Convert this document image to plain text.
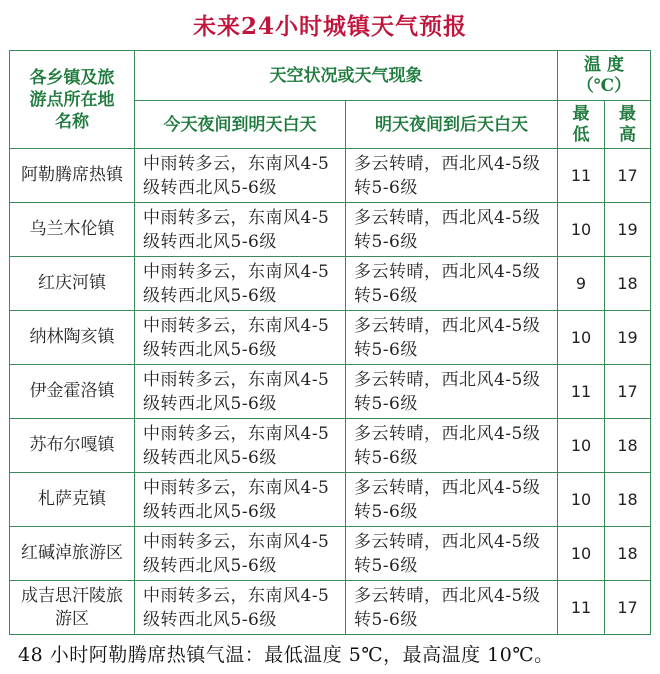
未来24小时城镇天气预报
各乡镇及旅游点所在地名称	天空状况或天气现象		温 度（℃）	

	今天夜间到明天白天	明天夜间到后天白天	最低	最高

阿勒腾席热镇	中雨转多云，东南风4-5级转西北风5-6级	多云转晴，西北风4-5级转5-6级	11	17

乌兰木伦镇	中雨转多云，东南风4-5级转西北风5-6级	多云转晴，西北风4-5级转5-6级	10	19

红庆河镇	中雨转多云，东南风4-5级转西北风5-6级	多云转晴，西北风4-5级转5-6级	9	18

纳林陶亥镇	中雨转多云，东南风4-5级转西北风5-6级	多云转晴，西北风4-5级转5-6级	10	19

伊金霍洛镇	中雨转多云，东南风4-5级转西北风5-6级	多云转晴，西北风4-5级转5-6级	11	17

苏布尔嘎镇	中雨转多云，东南风4-5级转西北风5-6级	多云转晴，西北风4-5级转5-6级	10	18

札萨克镇	中雨转多云，东南风4-5级转西北风5-6级	多云转晴，西北风4-5级转5-6级	10	18

红碱淖旅游区	中雨转多云，东南风4-5级转西北风5-6级	多云转晴，西北风4-5级转5-6级	10	18

成吉思汗陵旅游区	中雨转多云，东南风4-5级转西北风5-6级	多云转晴，西北风4-5级转5-6级	11	17
48 小时阿勒腾席热镇气温：最低温度 5℃，最高温度 10℃。
